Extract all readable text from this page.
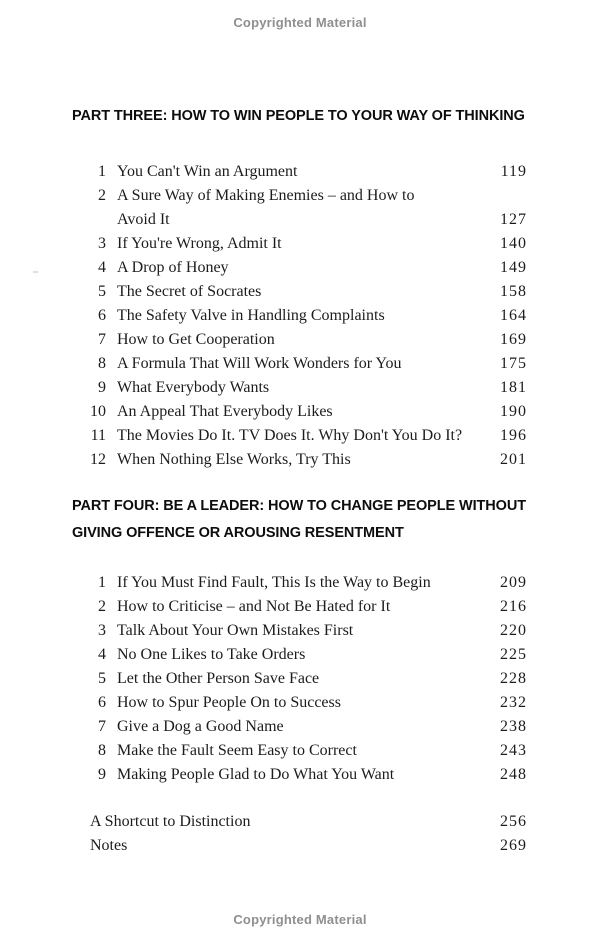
Copyrighted Material
PART THREE: HOW TO WIN PEOPLE TO YOUR WAY OF THINKING
1 You Can't Win an Argument	119
2 A Sure Way of Making Enemies – and How to
Avoid It	127
3 If You're Wrong, Admit It	140
4 A Drop of Honey	149
5 The Secret of Socrates	158
6 The Safety Valve in Handling Complaints	164
7 How to Get Cooperation	169
8 A Formula That Will Work Wonders for You	175
9 What Everybody Wants	181
10 An Appeal That Everybody Likes	190
11 The Movies Do It. TV Does It. Why Don't You Do It?	196
12 When Nothing Else Works, Try This	201
PART FOUR: BE A LEADER: HOW TO CHANGE PEOPLE WITHOUT GIVING OFFENCE OR AROUSING RESENTMENT
1 If You Must Find Fault, This Is the Way to Begin	209
2 How to Criticise – and Not Be Hated for It	216
3 Talk About Your Own Mistakes First	220
4 No One Likes to Take Orders	225
5 Let the Other Person Save Face	228
6 How to Spur People On to Success	232
7 Give a Dog a Good Name	238
8 Make the Fault Seem Easy to Correct	243
9 Making People Glad to Do What You Want	248
A Shortcut to Distinction	256
Notes	269
Copyrighted Material
